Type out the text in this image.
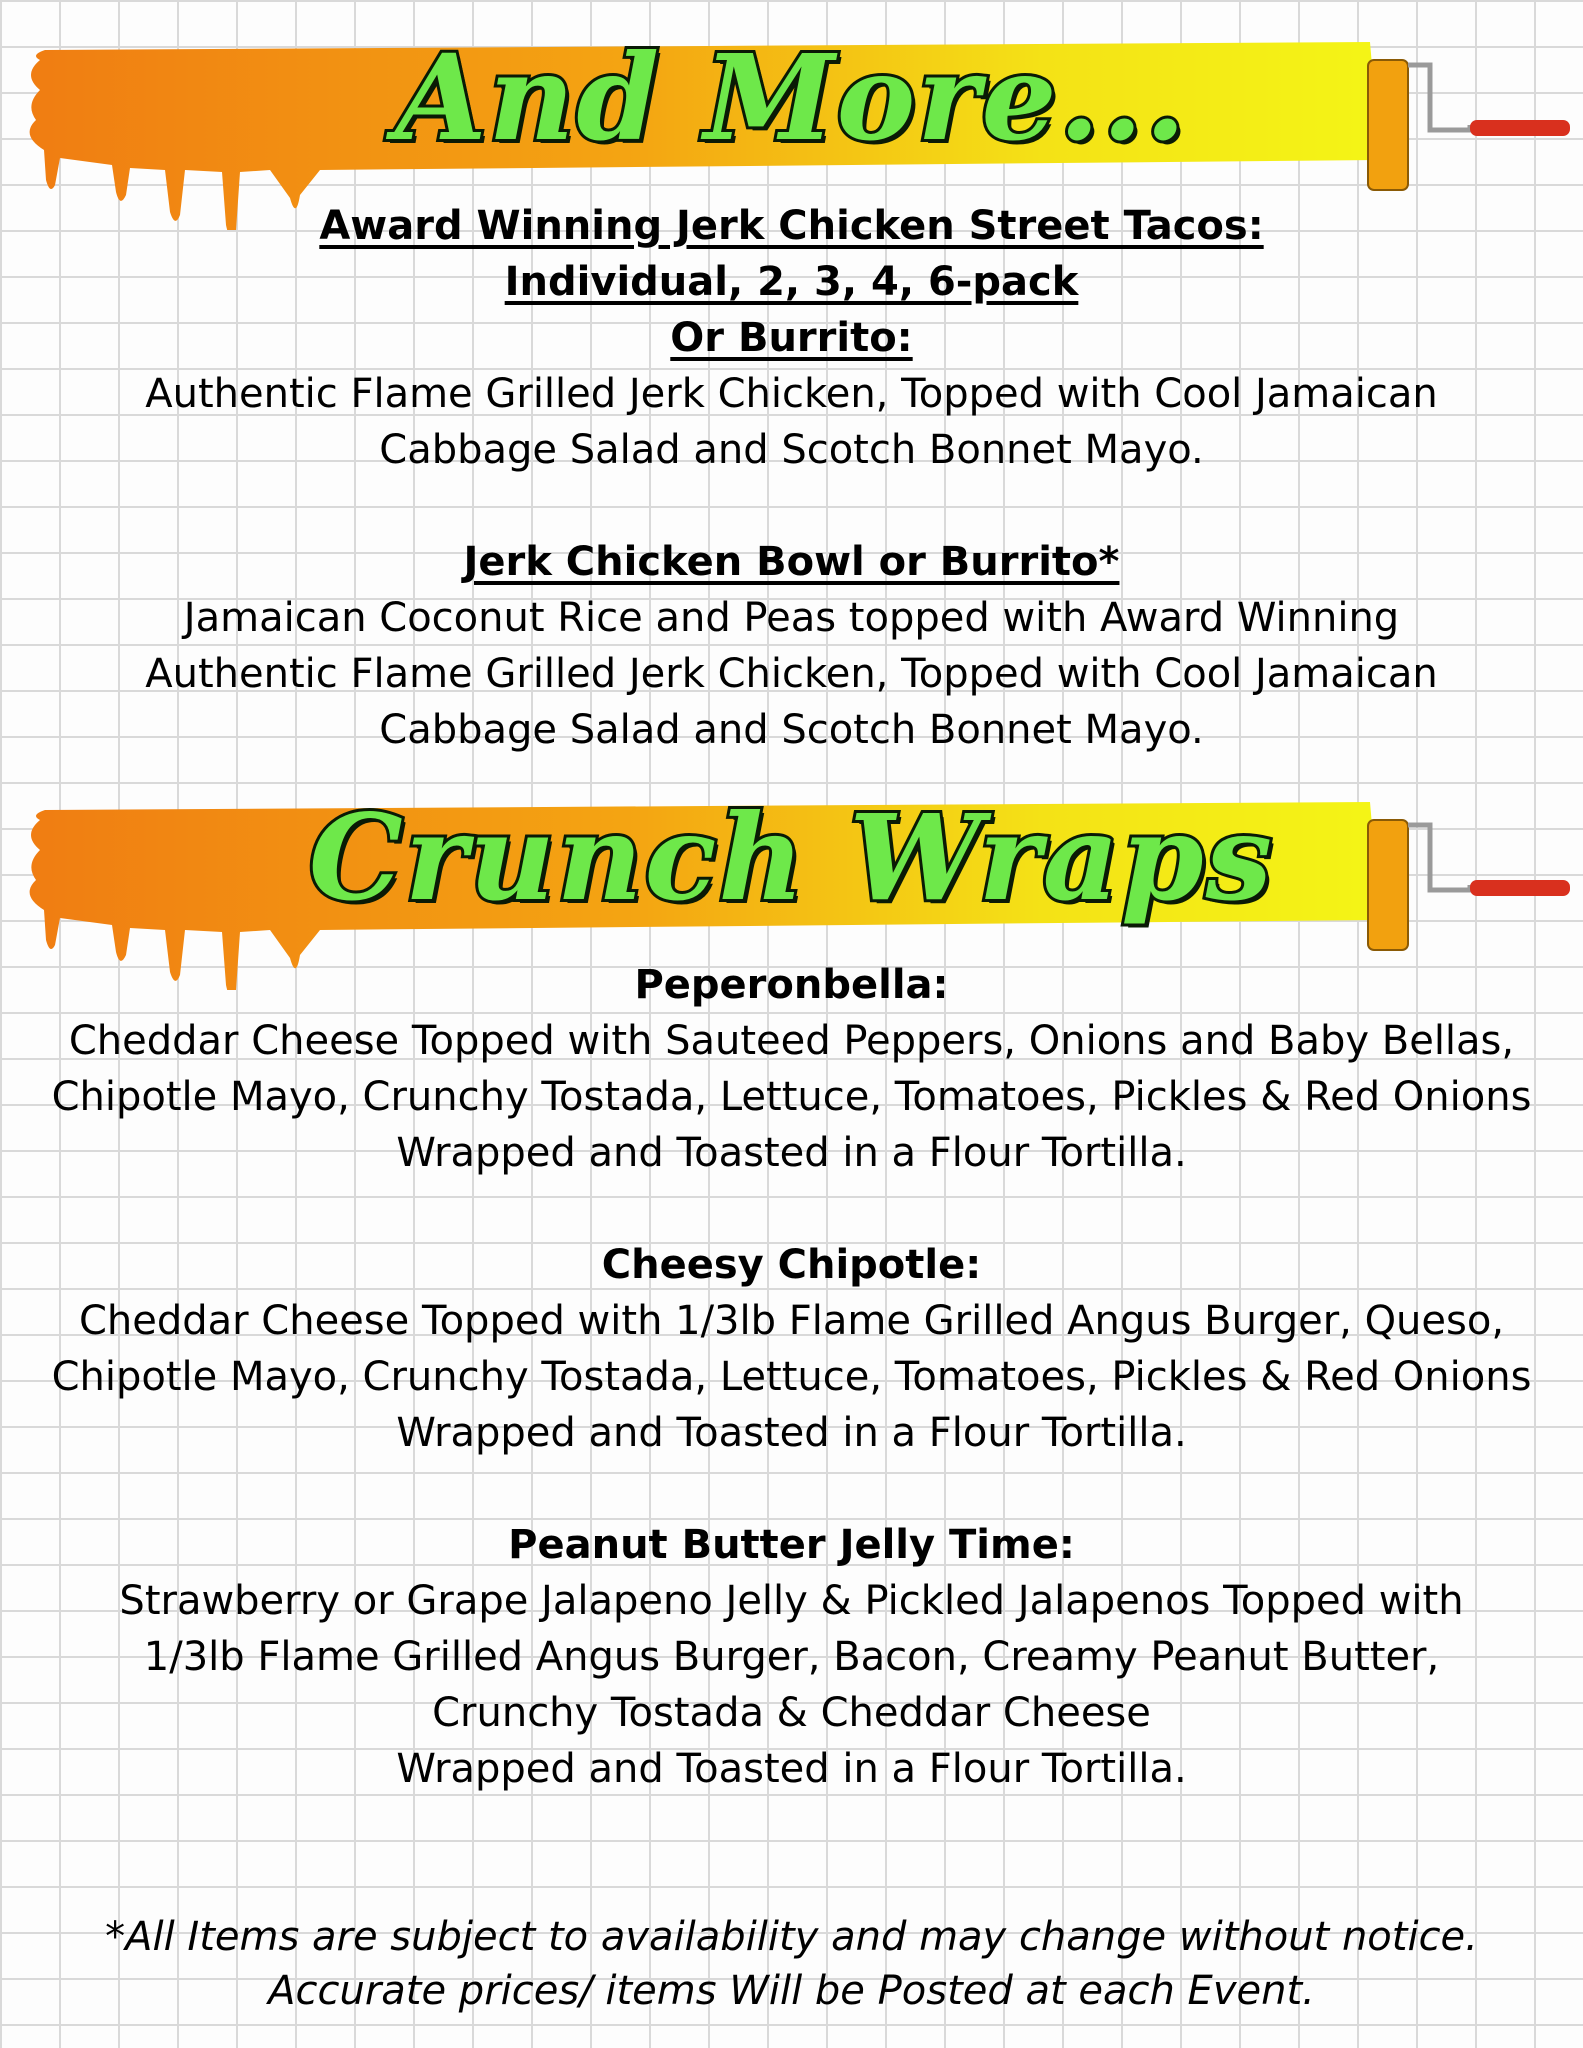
And More...
Award Winning Jerk Chicken Street Tacos:
Individual, 2, 3, 4, 6-pack
Or Burrito:
Authentic Flame Grilled Jerk Chicken, Topped with Cool Jamaican
Cabbage Salad and Scotch Bonnet Mayo.
Jerk Chicken Bowl or Burrito*
Jamaican Coconut Rice and Peas topped with Award Winning
Authentic Flame Grilled Jerk Chicken, Topped with Cool Jamaican
Cabbage Salad and Scotch Bonnet Mayo.
Crunch Wraps
Peperonbella:
Cheddar Cheese Topped with Sauteed Peppers, Onions and Baby Bellas,
Chipotle Mayo, Crunchy Tostada, Lettuce, Tomatoes, Pickles & Red Onions
Wrapped and Toasted in a Flour Tortilla.
Cheesy Chipotle:
Cheddar Cheese Topped with 1/3lb Flame Grilled Angus Burger, Queso,
Chipotle Mayo, Crunchy Tostada, Lettuce, Tomatoes, Pickles & Red Onions
Wrapped and Toasted in a Flour Tortilla.
Peanut Butter Jelly Time:
Strawberry or Grape Jalapeno Jelly & Pickled Jalapenos Topped with
1/3lb Flame Grilled Angus Burger, Bacon, Creamy Peanut Butter,
Crunchy Tostada & Cheddar Cheese
Wrapped and Toasted in a Flour Tortilla.
*All Items are subject to availability and may change without notice.
Accurate prices/ items Will be Posted at each Event.
